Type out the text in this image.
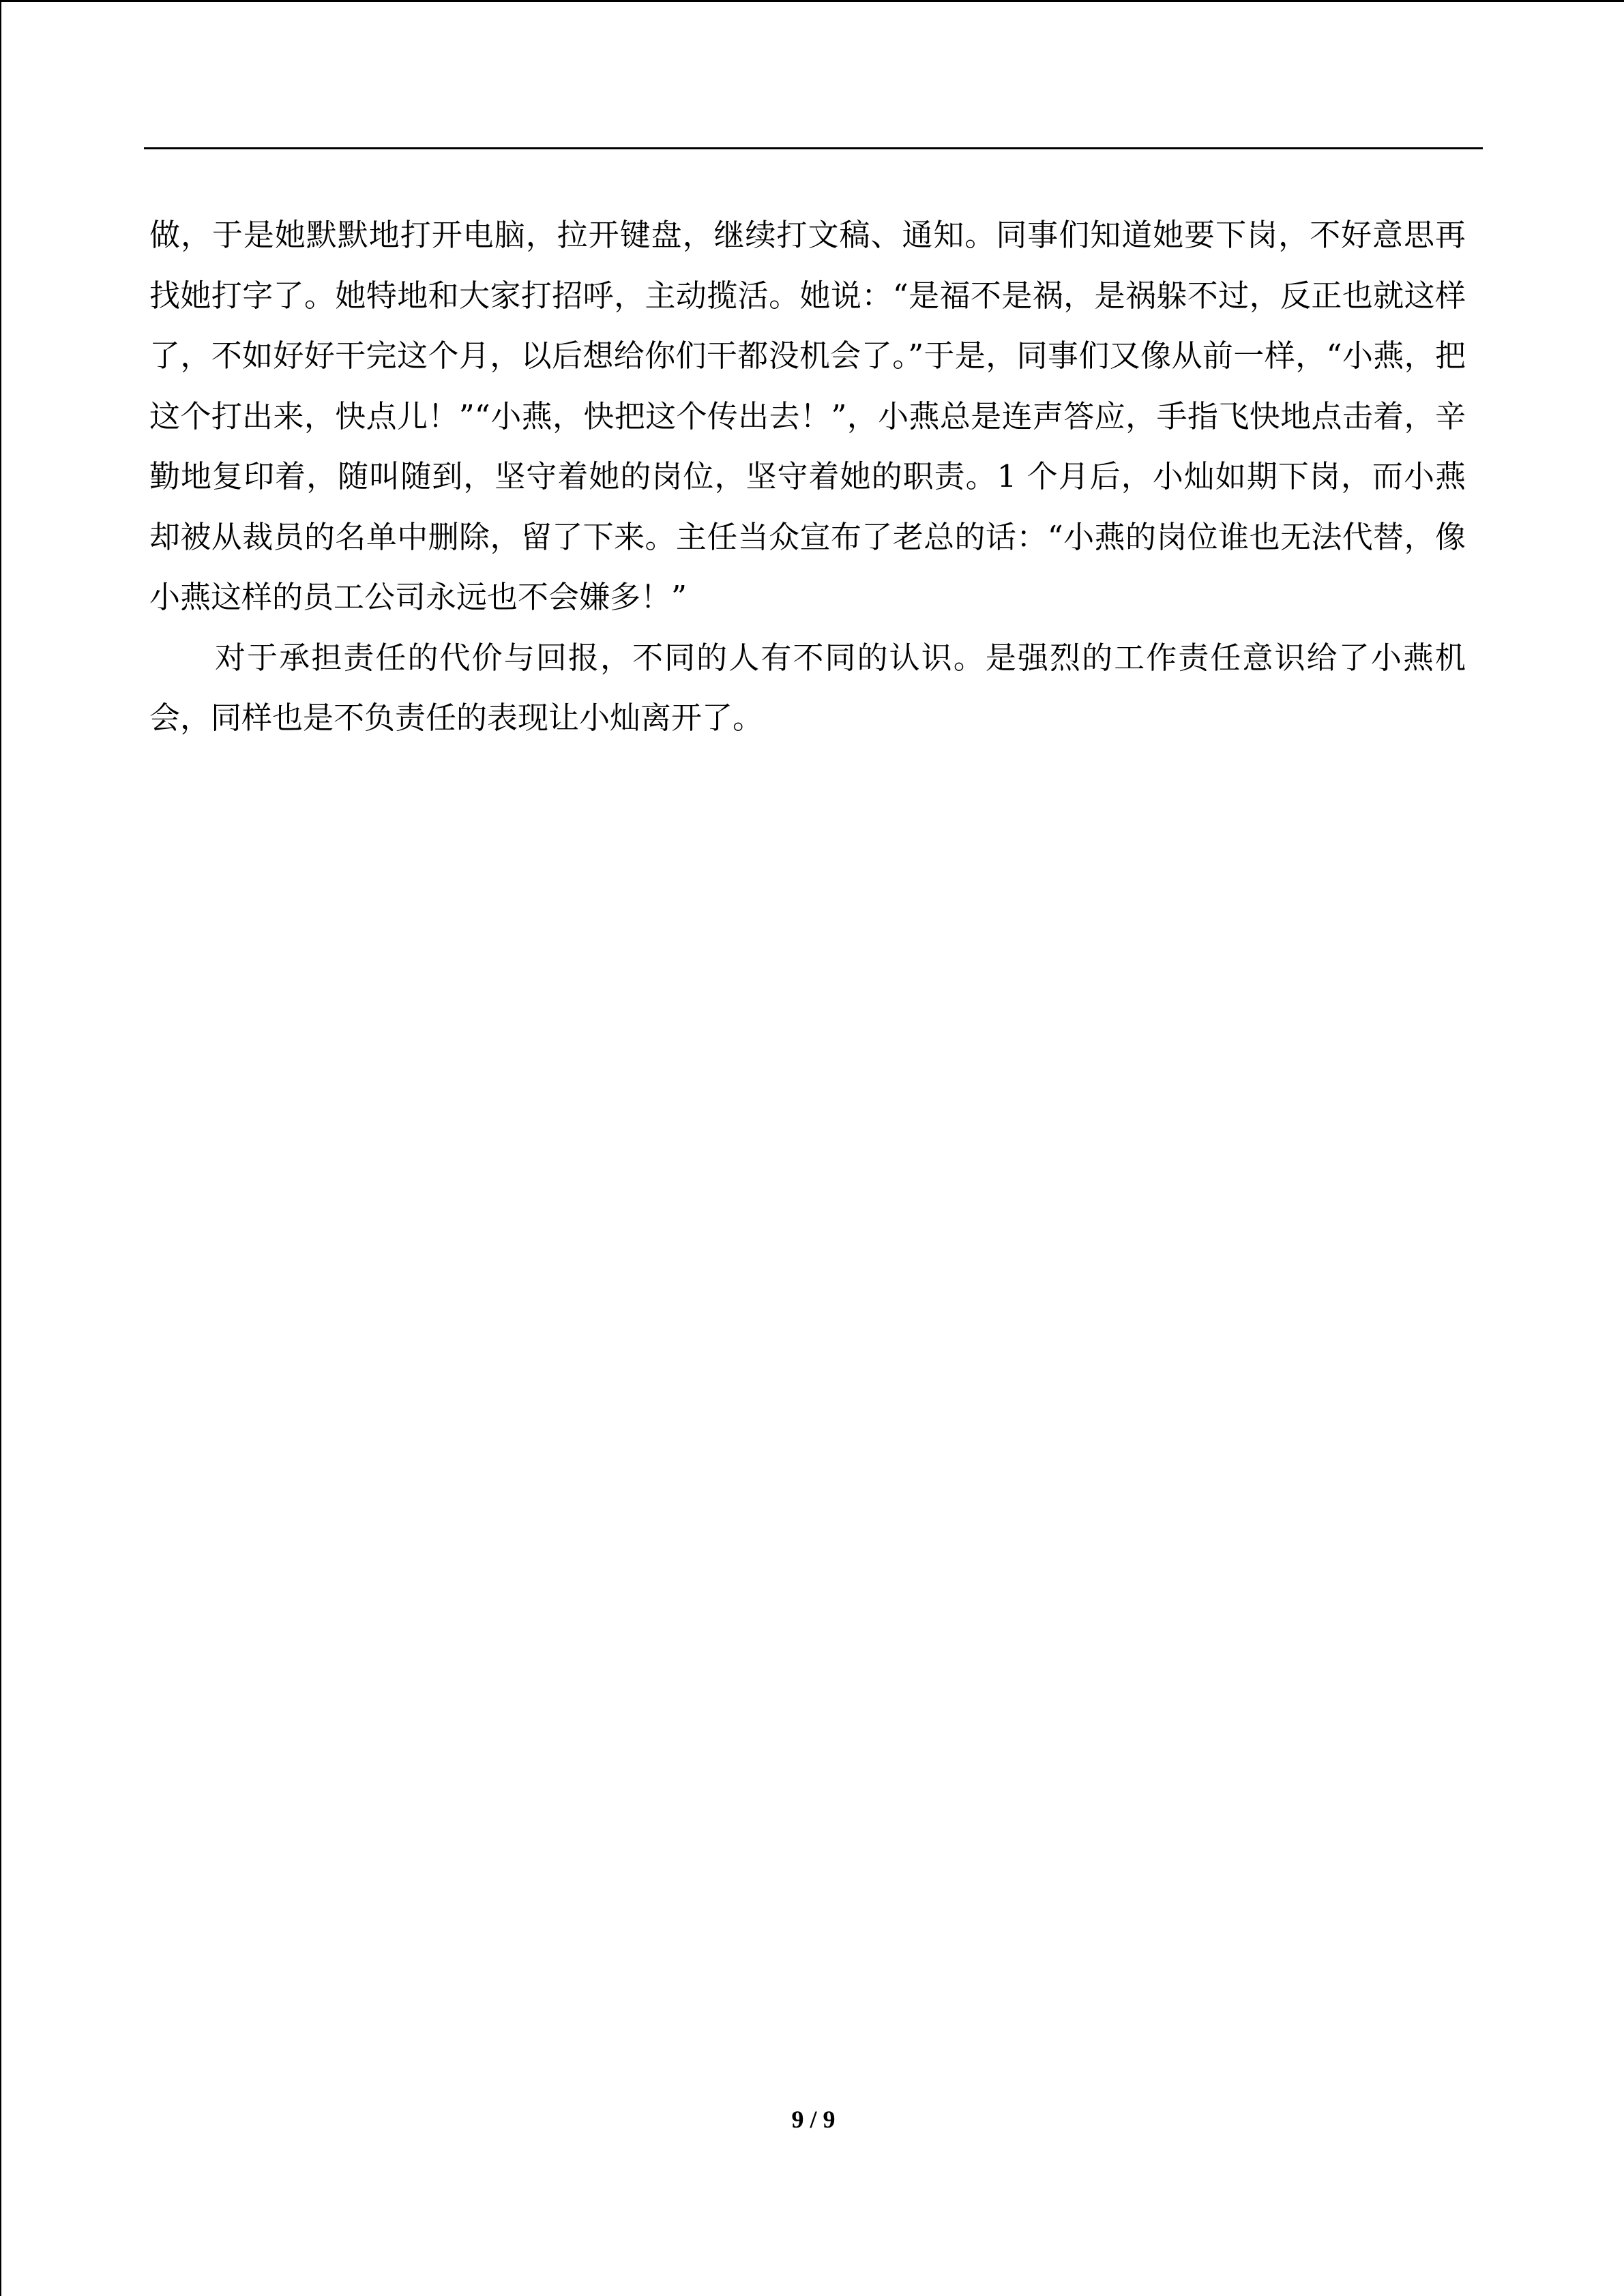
做，于是她默默地打开电脑，拉开键盘，继续打文稿、通知。同事们知道她要下岗，不好意思再找她打字了。她特地和大家打招呼，主动揽活。她说：“是福不是祸，是祸躲不过，反正也就这样了，不如好好干完这个月，以后想给你们干都没机会了。”于是，同事们又像从前一样，“小燕，把这个打出来，快点儿！”“小燕，快把这个传出去！”，小燕总是连声答应，手指飞快地点击着，辛勤地复印着，随叫随到，坚守着她的岗位，坚守着她的职责。1 个月后，小灿如期下岗，而小燕却被从裁员的名单中删除，留了下来。主任当众宣布了老总的话：“小燕的岗位谁也无法代替，像小燕这样的员工公司永远也不会嫌多！”

对于承担责任的代价与回报，不同的人有不同的认识。是强烈的工作责任意识给了小燕机会，同样也是不负责任的表现让小灿离开了。

9 / 9
